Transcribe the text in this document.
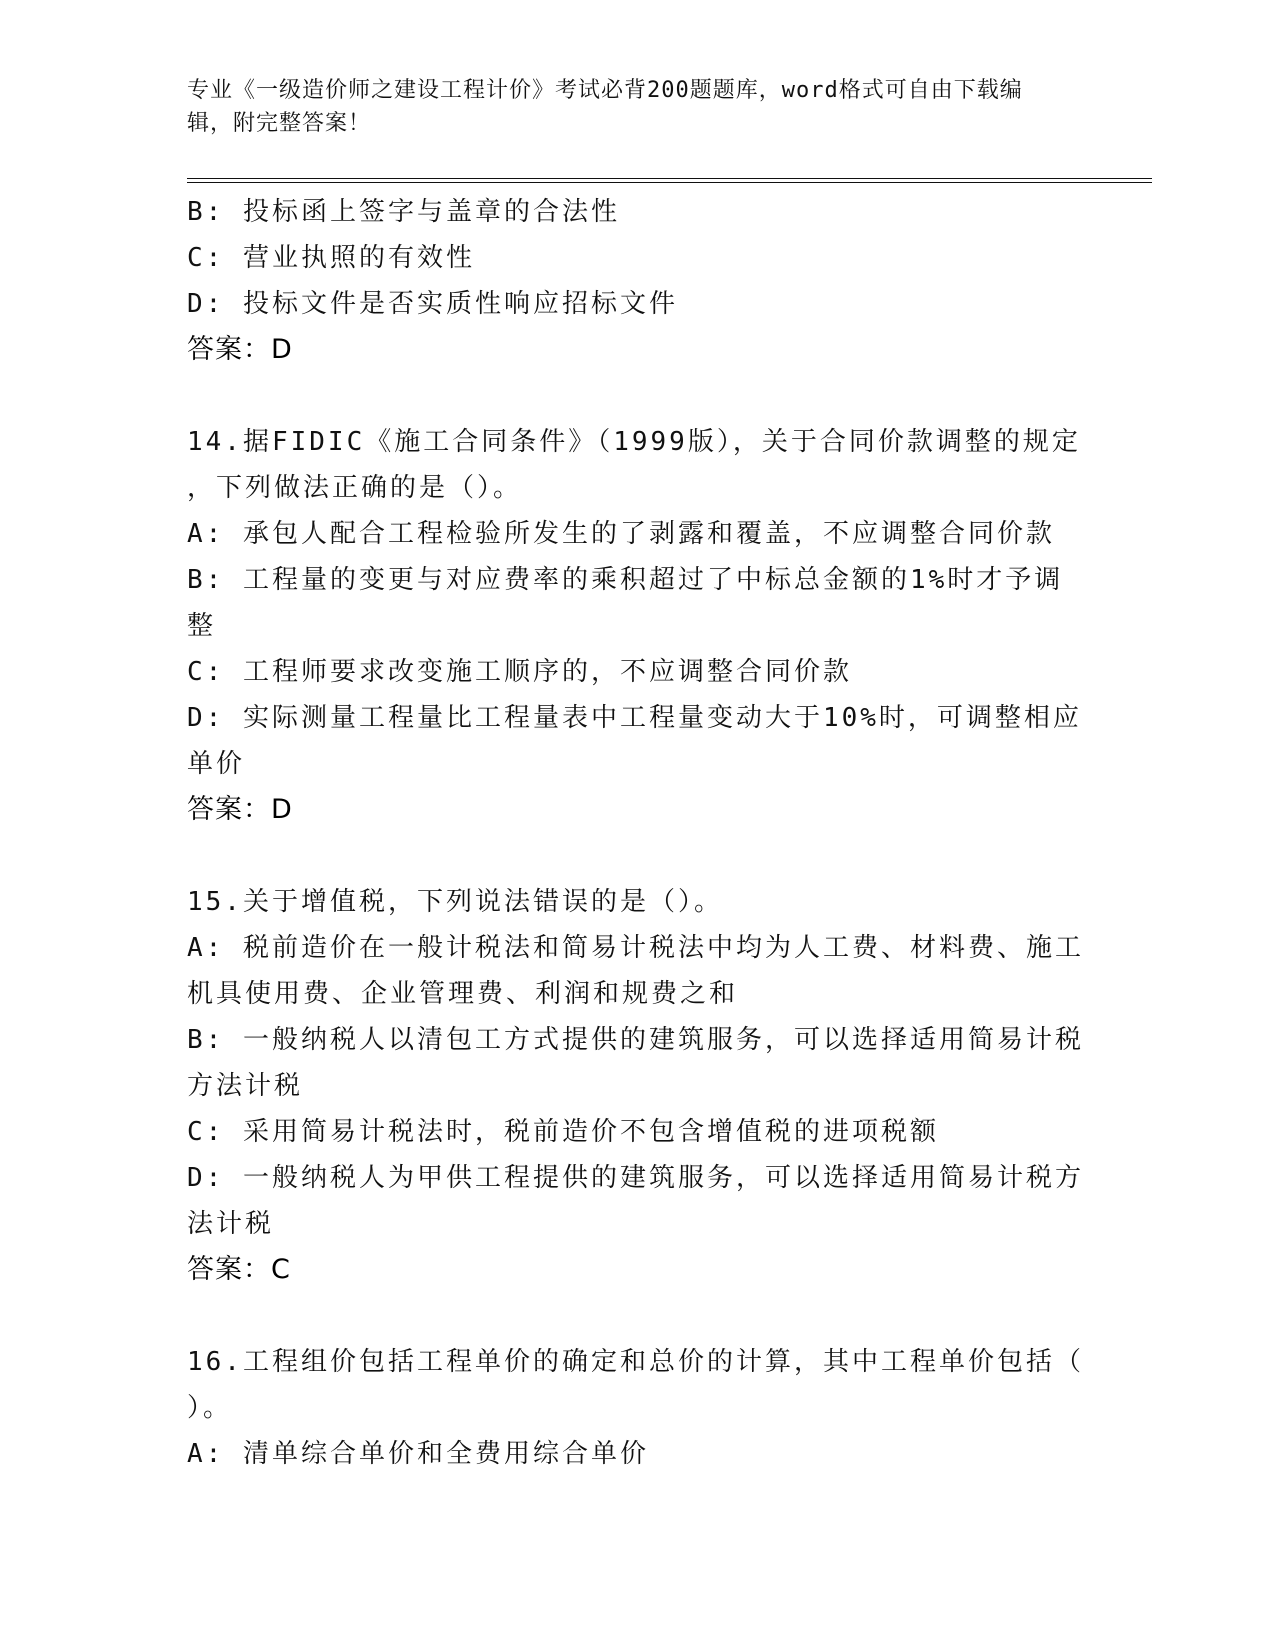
专业《一级造价师之建设工程计价》考试必背200题题库，word格式可自由下载编辑，附完整答案！
B: 投标函上签字与盖章的合法性
C: 营业执照的有效性
D: 投标文件是否实质性响应招标文件
答案：D
14.据FIDIC《施工合同条件》（1999版），关于合同价款调整的规定
，下列做法正确的是（）。
A: 承包人配合工程检验所发生的了剥露和覆盖，不应调整合同价款
B: 工程量的变更与对应费率的乘积超过了中标总金额的1%时才予调
整
C: 工程师要求改变施工顺序的，不应调整合同价款
D: 实际测量工程量比工程量表中工程量变动大于10%时，可调整相应
单价
答案：D
15.关于增值税，下列说法错误的是（）。
A: 税前造价在一般计税法和简易计税法中均为人工费、材料费、施工
机具使用费、企业管理费、利润和规费之和
B: 一般纳税人以清包工方式提供的建筑服务，可以选择适用简易计税
方法计税
C: 采用简易计税法时，税前造价不包含增值税的进项税额
D: 一般纳税人为甲供工程提供的建筑服务，可以选择适用简易计税方
法计税
答案：C
16.工程组价包括工程单价的确定和总价的计算，其中工程单价包括（
）。
A: 清单综合单价和全费用综合单价
